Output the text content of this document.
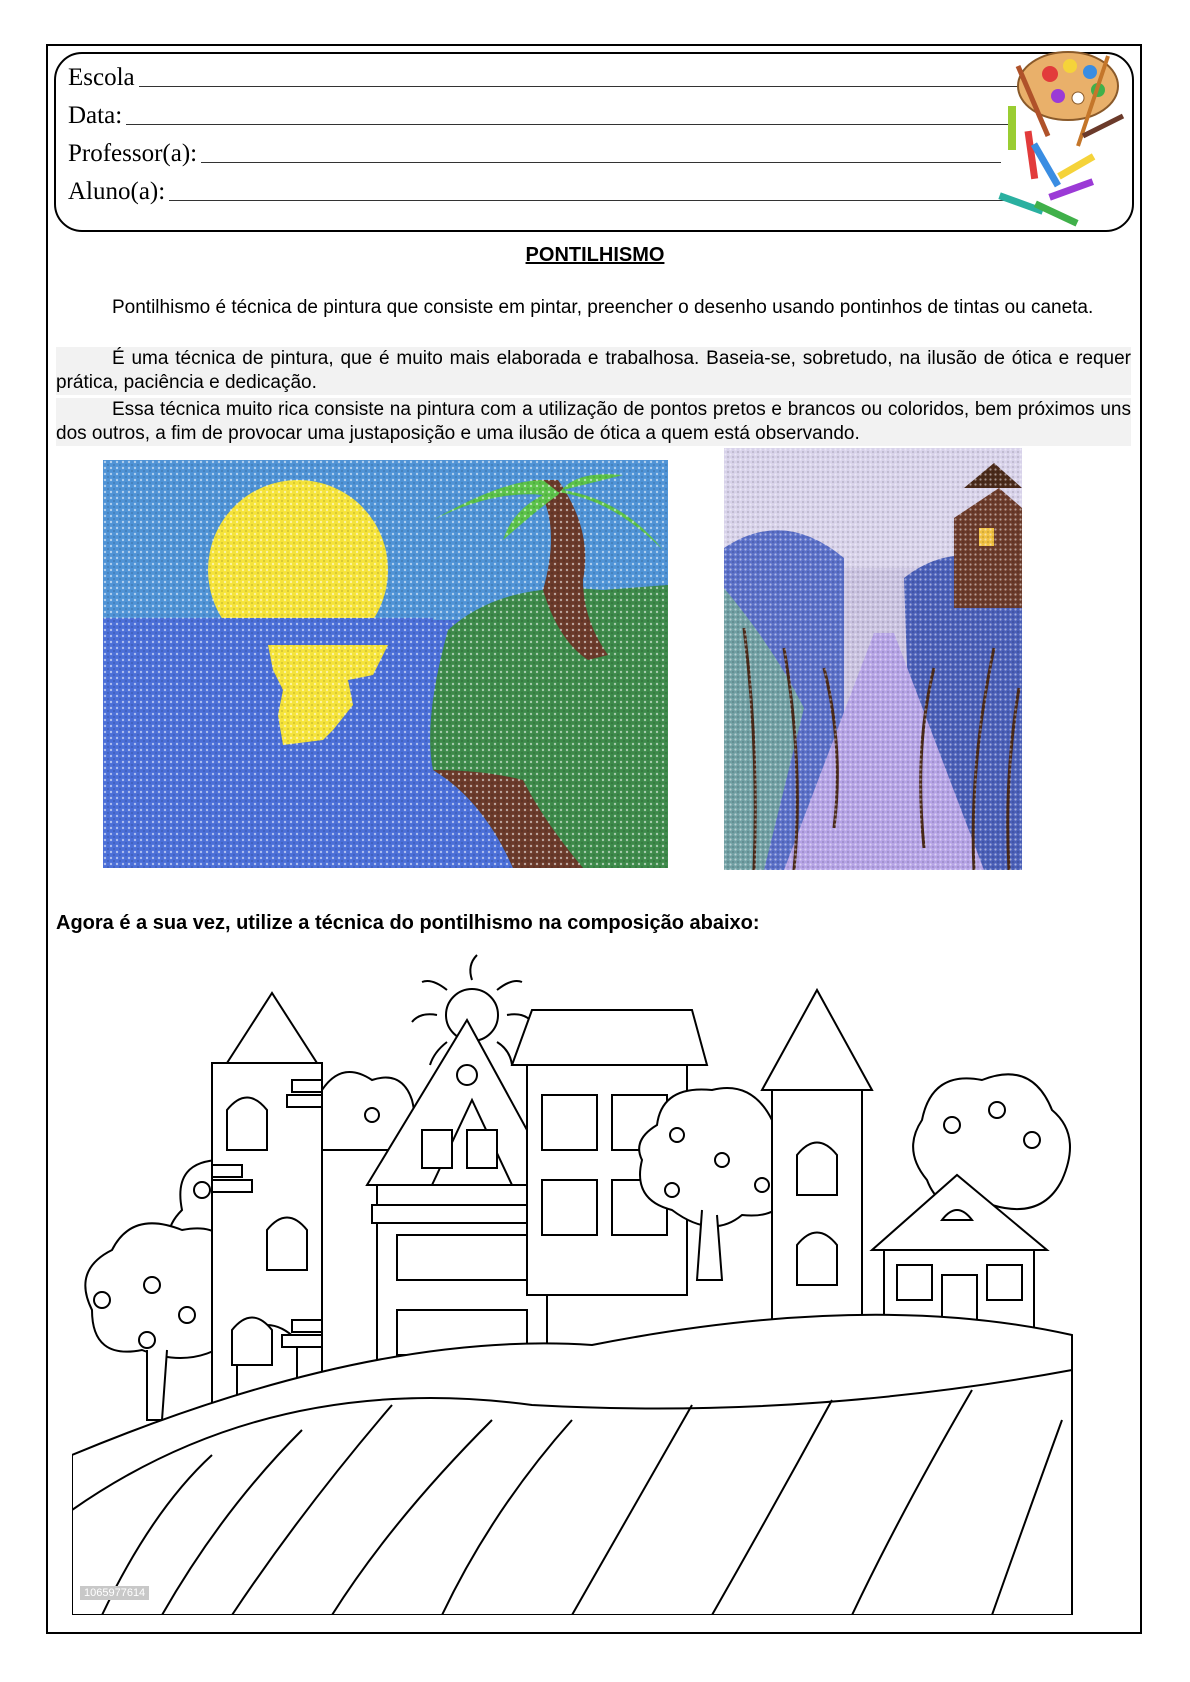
Escola
Data:
Professor(a):
Aluno(a):
PONTILHISMO
Pontilhismo é técnica de pintura que consiste em pintar, preencher o desenho usando pontinhos de tintas ou caneta.
É uma técnica de pintura, que é muito mais elaborada e trabalhosa. Baseia-se, sobretudo, na ilusão de ótica e requer prática, paciência e dedicação.
Essa técnica muito rica consiste na pintura com a utilização de pontos pretos e brancos ou coloridos, bem próximos uns dos outros, a fim de provocar uma justaposição e uma ilusão de ótica a quem está observando.
Agora é a sua vez, utilize a técnica do pontilhismo na composição abaixo:
1065977614
